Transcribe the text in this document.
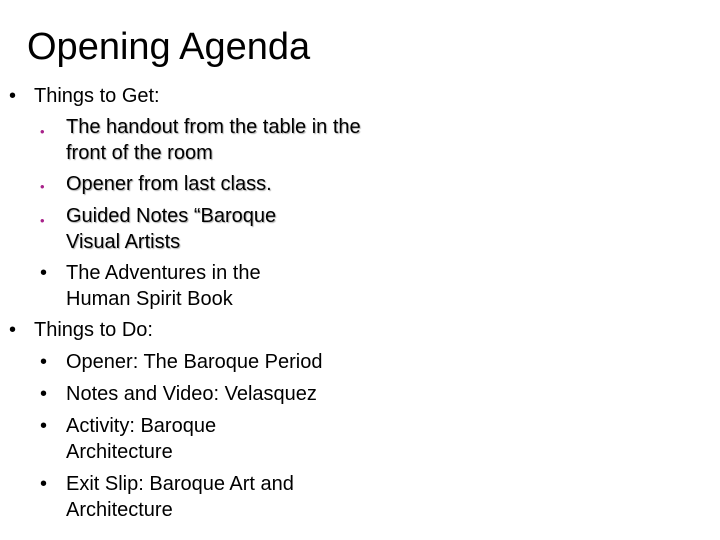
Opening Agenda
• Things to Get:
• The handout from the table in the front of the room
• Opener from last class.
• Guided Notes “Baroque Visual Artists
• The Adventures in the Human Spirit Book
• Things to Do:
• Opener: The Baroque Period
• Notes and Video: Velasquez
• Activity: Baroque Architecture
• Exit Slip: Baroque Art and Architecture
